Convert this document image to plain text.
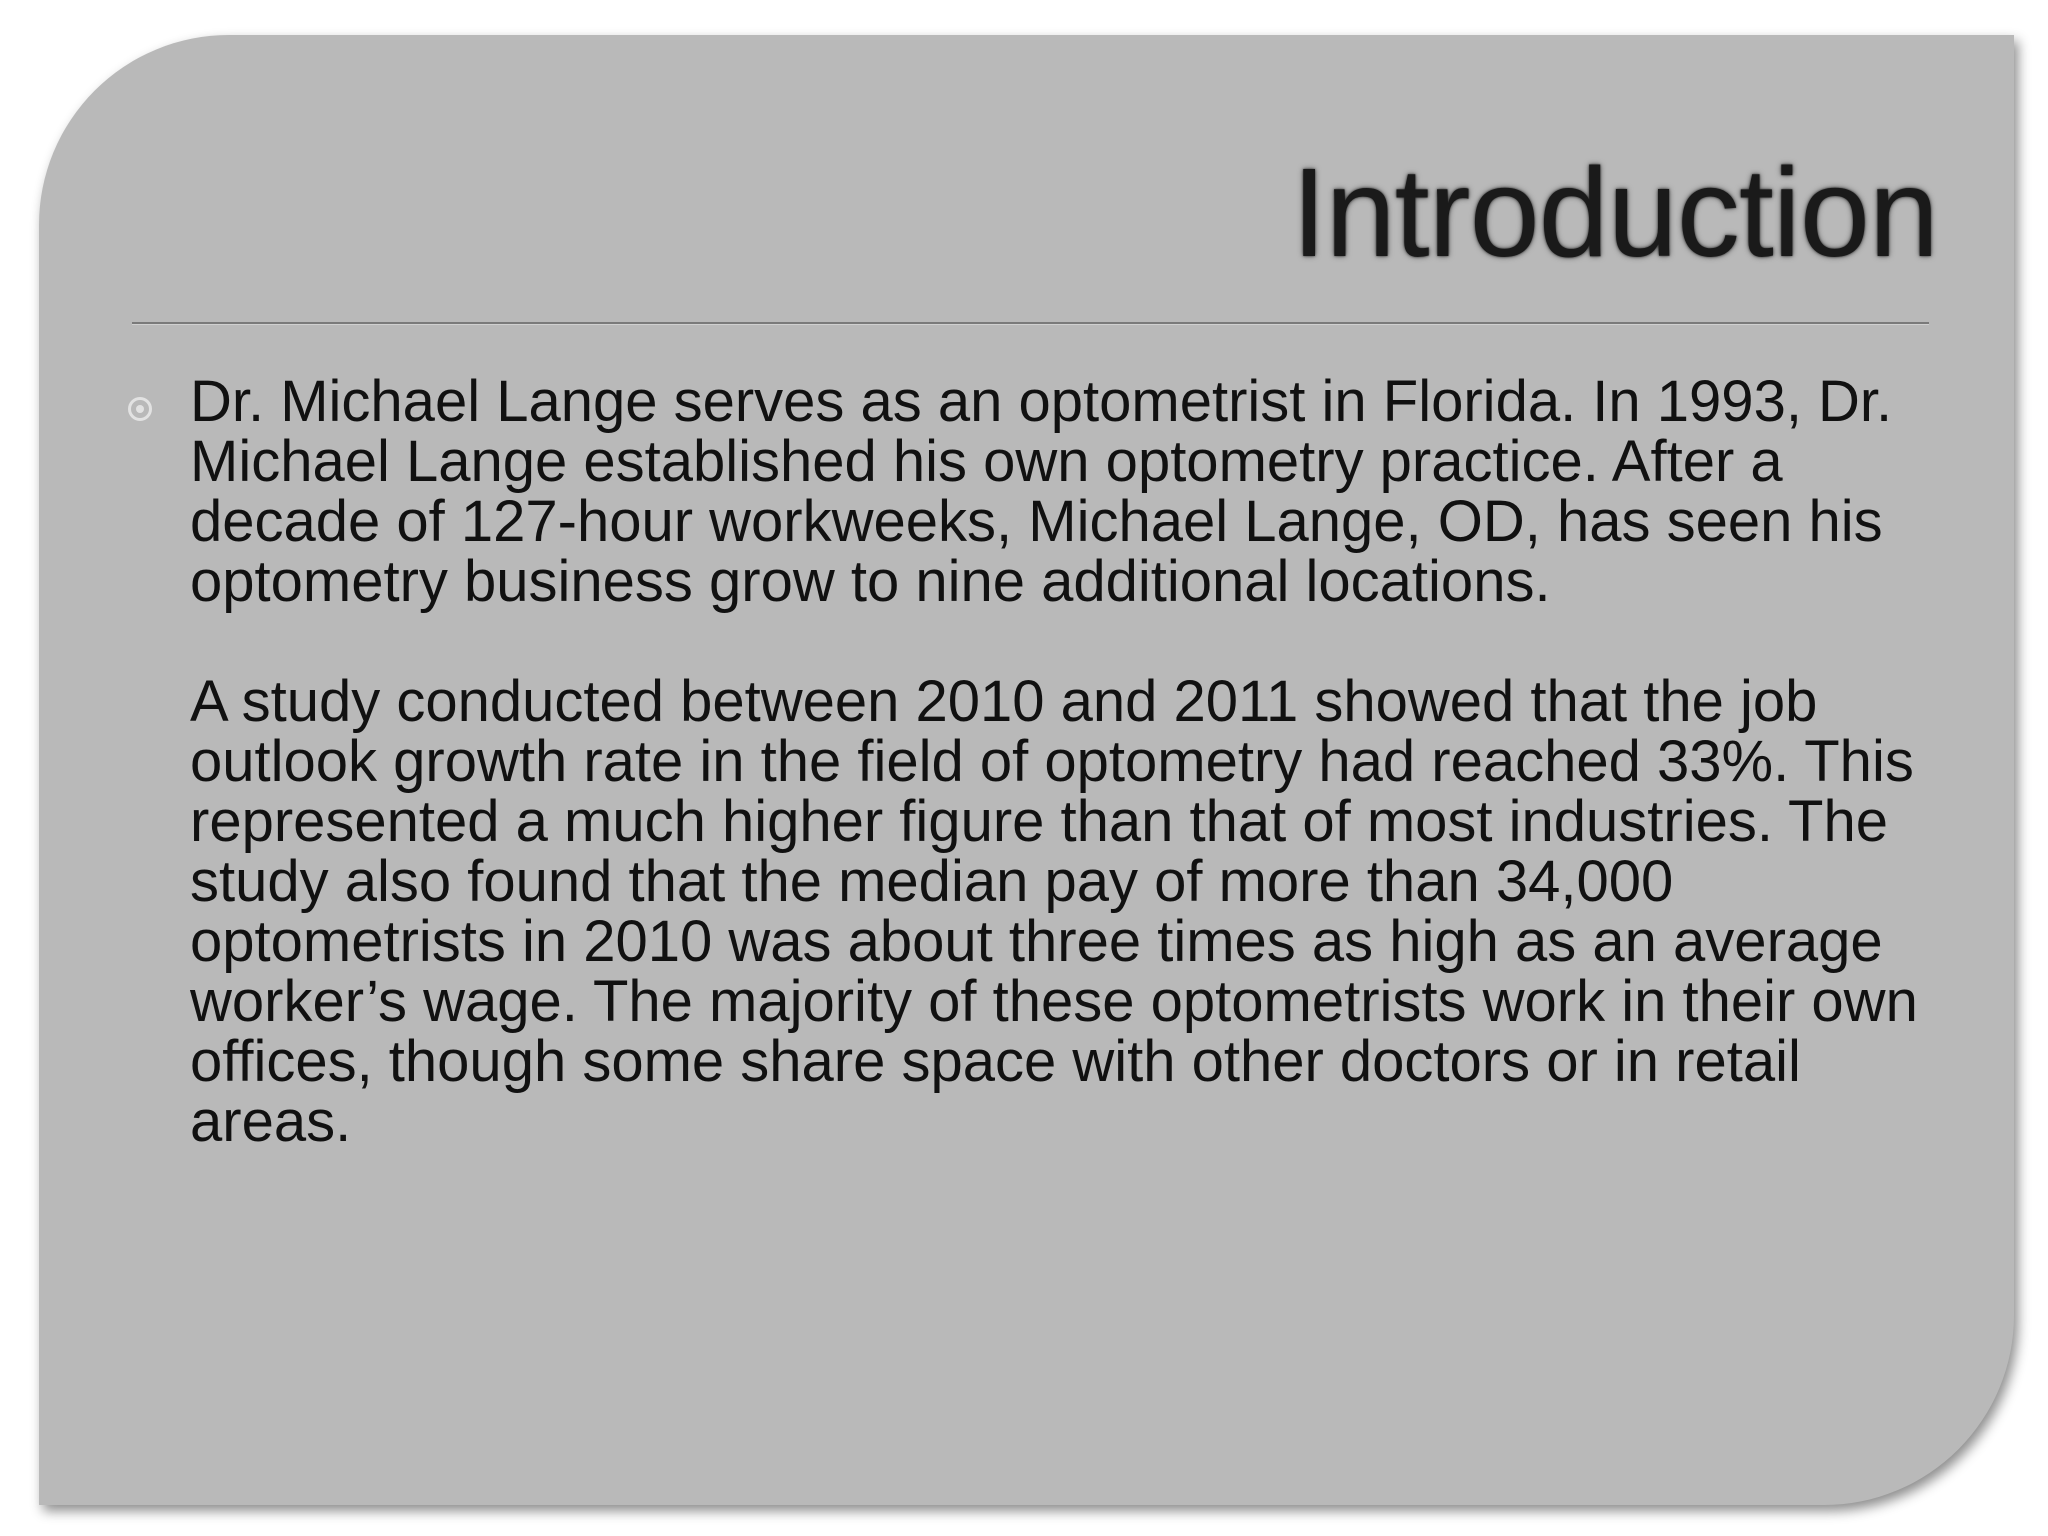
Introduction

Dr. Michael Lange serves as an optometrist in Florida. In 1993, Dr. Michael Lange established his own optometry practice. After a decade of 127-hour workweeks, Michael Lange, OD, has seen his optometry business grow to nine additional locations.

A study conducted between 2010 and 2011 showed that the job outlook growth rate in the field of optometry had reached 33%. This represented a much higher figure than that of most industries. The study also found that the median pay of more than 34,000 optometrists in 2010 was about three times as high as an average worker’s wage. The majority of these optometrists work in their own offices, though some share space with other doctors or in retail areas.
